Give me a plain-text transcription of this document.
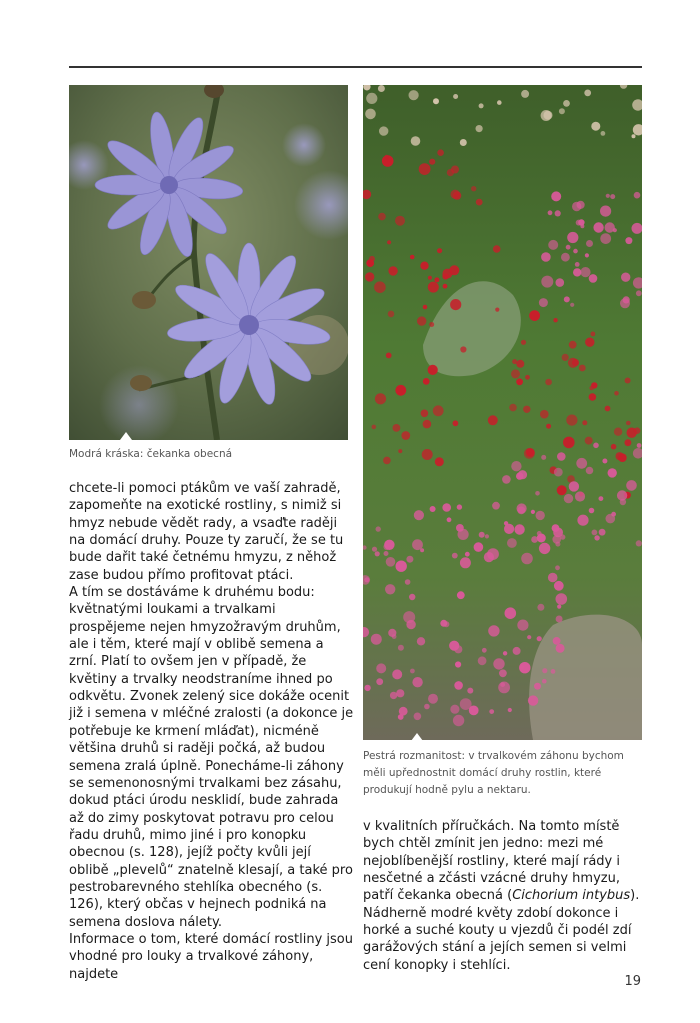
Modrá kráska: čekanka obecná
Pestrá rozmanitost: v trvalkovém záhonu bychom měli upřednostnit domácí druhy rostlin, které produkují hodně pylu a nektaru.

chcete-li pomoci ptákům ve vaší zahradě, zapomeňte na exotické rostliny, s nimiž si hmyz nebude vědět rady, a vsaďte raději na domácí druhy. Pouze ty zaručí, že se tu bude dařit také četnému hmyzu, z něhož zase budou přímo profitovat ptáci.

A tím se dostáváme k druhému bodu: květnatými loukami a trvalkami prospějeme nejen hmyzožravým druhům, ale i těm, které mají v oblibě semena a zrní. Platí to ovšem jen v případě, že květiny a trvalky neodstraníme ihned po odkvětu. Zvonek zelený sice dokáže ocenit již i semena v mléčné zralosti (a dokonce je potřebuje ke krmení mláďat), nicméně většina druhů si raději počká, až budou semena zralá úplně. Ponecháme-li záhony se semenonosnými trvalkami bez zásahu, dokud ptáci úrodu nesklidí, bude zahrada až do zimy poskytovat potravu pro celou řadu druhů, mimo jiné i pro konopku obecnou (s. 128), jejíž počty kvůli její oblibě „plevelů“ znatelně klesají, a také pro pestrobarevného stehlíka obecného (s. 126), který občas v hejnech podniká na semena doslova nálety.

Informace o tom, které domácí rostliny jsou vhodné pro louky a trvalkové záhony, najdete

v kvalitních příručkách. Na tomto místě bych chtěl zmínit jen jedno: mezi mé nejoblíbenější rostliny, které mají rády i nesčetné a zčásti vzácné druhy hmyzu, patří čekanka obecná (Cichorium intybus). Nádherně modré květy zdobí dokonce i horké a suché kouty u vjezdů či podél zdí garážových stání a jejích semen si velmi cení konopky i stehlíci.

19
